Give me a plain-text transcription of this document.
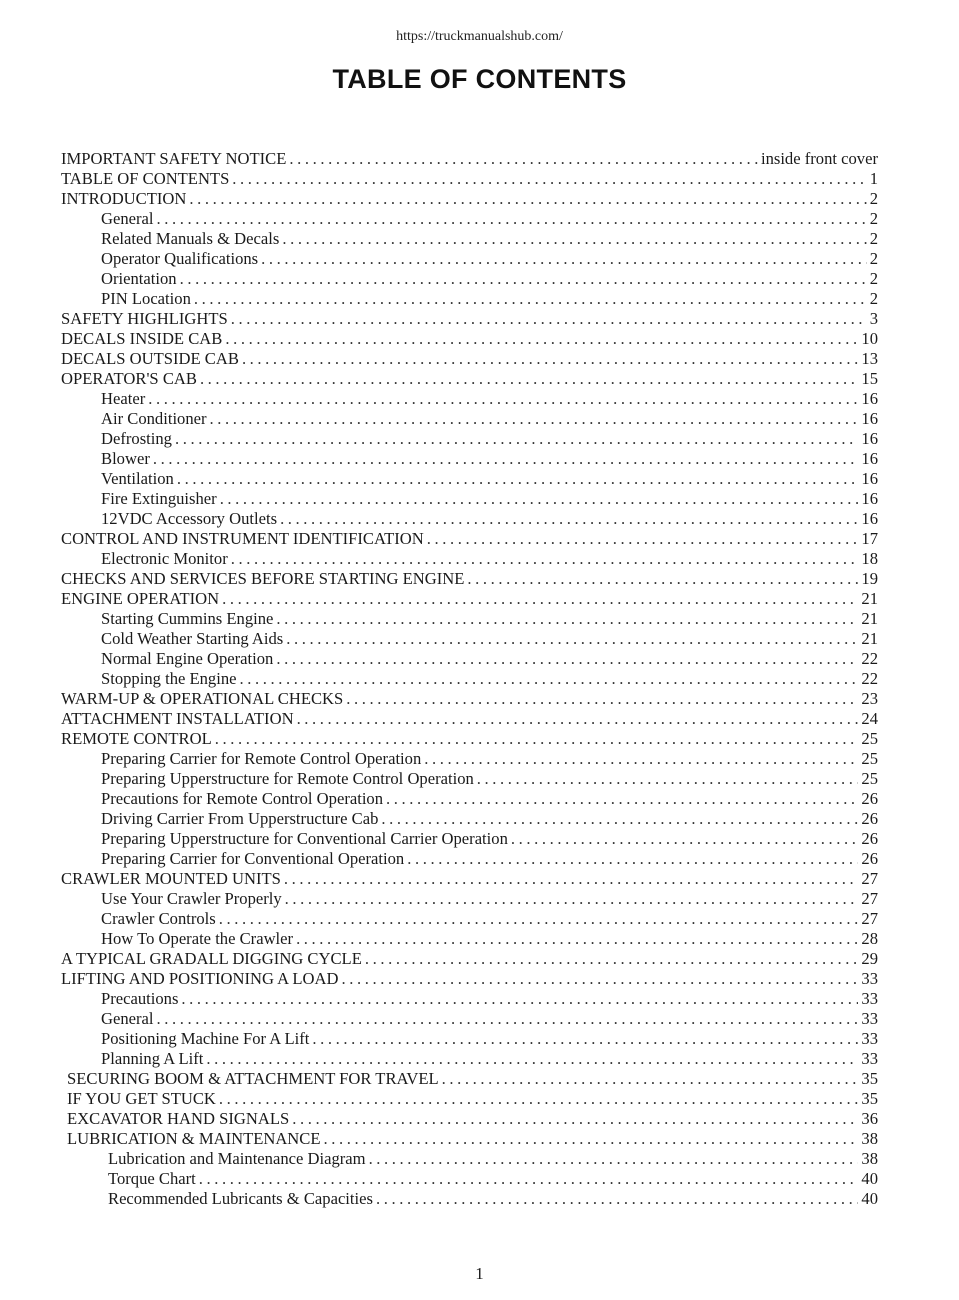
https://truckmanualshub.com/
TABLE OF CONTENTS
IMPORTANT SAFETY NOTICE .....	inside front cover
TABLE OF CONTENTS .....	1
INTRODUCTION .....	2
General .....	2
Related Manuals & Decals .....	2
Operator Qualifications .....	2
Orientation .....	2
PIN Location .....	2
SAFETY HIGHLIGHTS .....	3
DECALS INSIDE CAB .....	10
DECALS OUTSIDE CAB .....	13
OPERATOR'S CAB .....	15
Heater .....	16
Air Conditioner .....	16
Defrosting .....	16
Blower .....	16
Ventilation .....	16
Fire Extinguisher .....	16
12VDC Accessory Outlets .....	16
CONTROL AND INSTRUMENT IDENTIFICATION .....	17
Electronic Monitor .....	18
CHECKS AND SERVICES BEFORE STARTING ENGINE .....	19
ENGINE OPERATION .....	21
Starting Cummins Engine .....	21
Cold Weather Starting Aids .....	21
Normal Engine Operation .....	22
Stopping the Engine .....	22
WARM-UP & OPERATIONAL CHECKS .....	23
ATTACHMENT INSTALLATION .....	24
REMOTE CONTROL .....	25
Preparing Carrier for Remote Control Operation .....	25
Preparing Upperstructure for Remote Control Operation .....	25
Precautions for Remote Control Operation .....	26
Driving Carrier From Upperstructure Cab .....	26
Preparing Upperstructure for Conventional Carrier Operation .....	26
Preparing Carrier for Conventional Operation .....	26
CRAWLER MOUNTED UNITS .....	27
Use Your Crawler Properly .....	27
Crawler Controls .....	27
How To Operate the Crawler .....	28
A TYPICAL GRADALL DIGGING CYCLE .....	29
LIFTING AND POSITIONING A LOAD .....	33
Precautions .....	33
General .....	33
Positioning Machine For A Lift .....	33
Planning A Lift .....	33
SECURING BOOM & ATTACHMENT FOR TRAVEL .....	35
IF YOU GET STUCK .....	35
EXCAVATOR HAND SIGNALS .....	36
LUBRICATION & MAINTENANCE .....	38
Lubrication and Maintenance Diagram .....	38
Torque Chart .....	40
Recommended Lubricants & Capacities .....	40
1
